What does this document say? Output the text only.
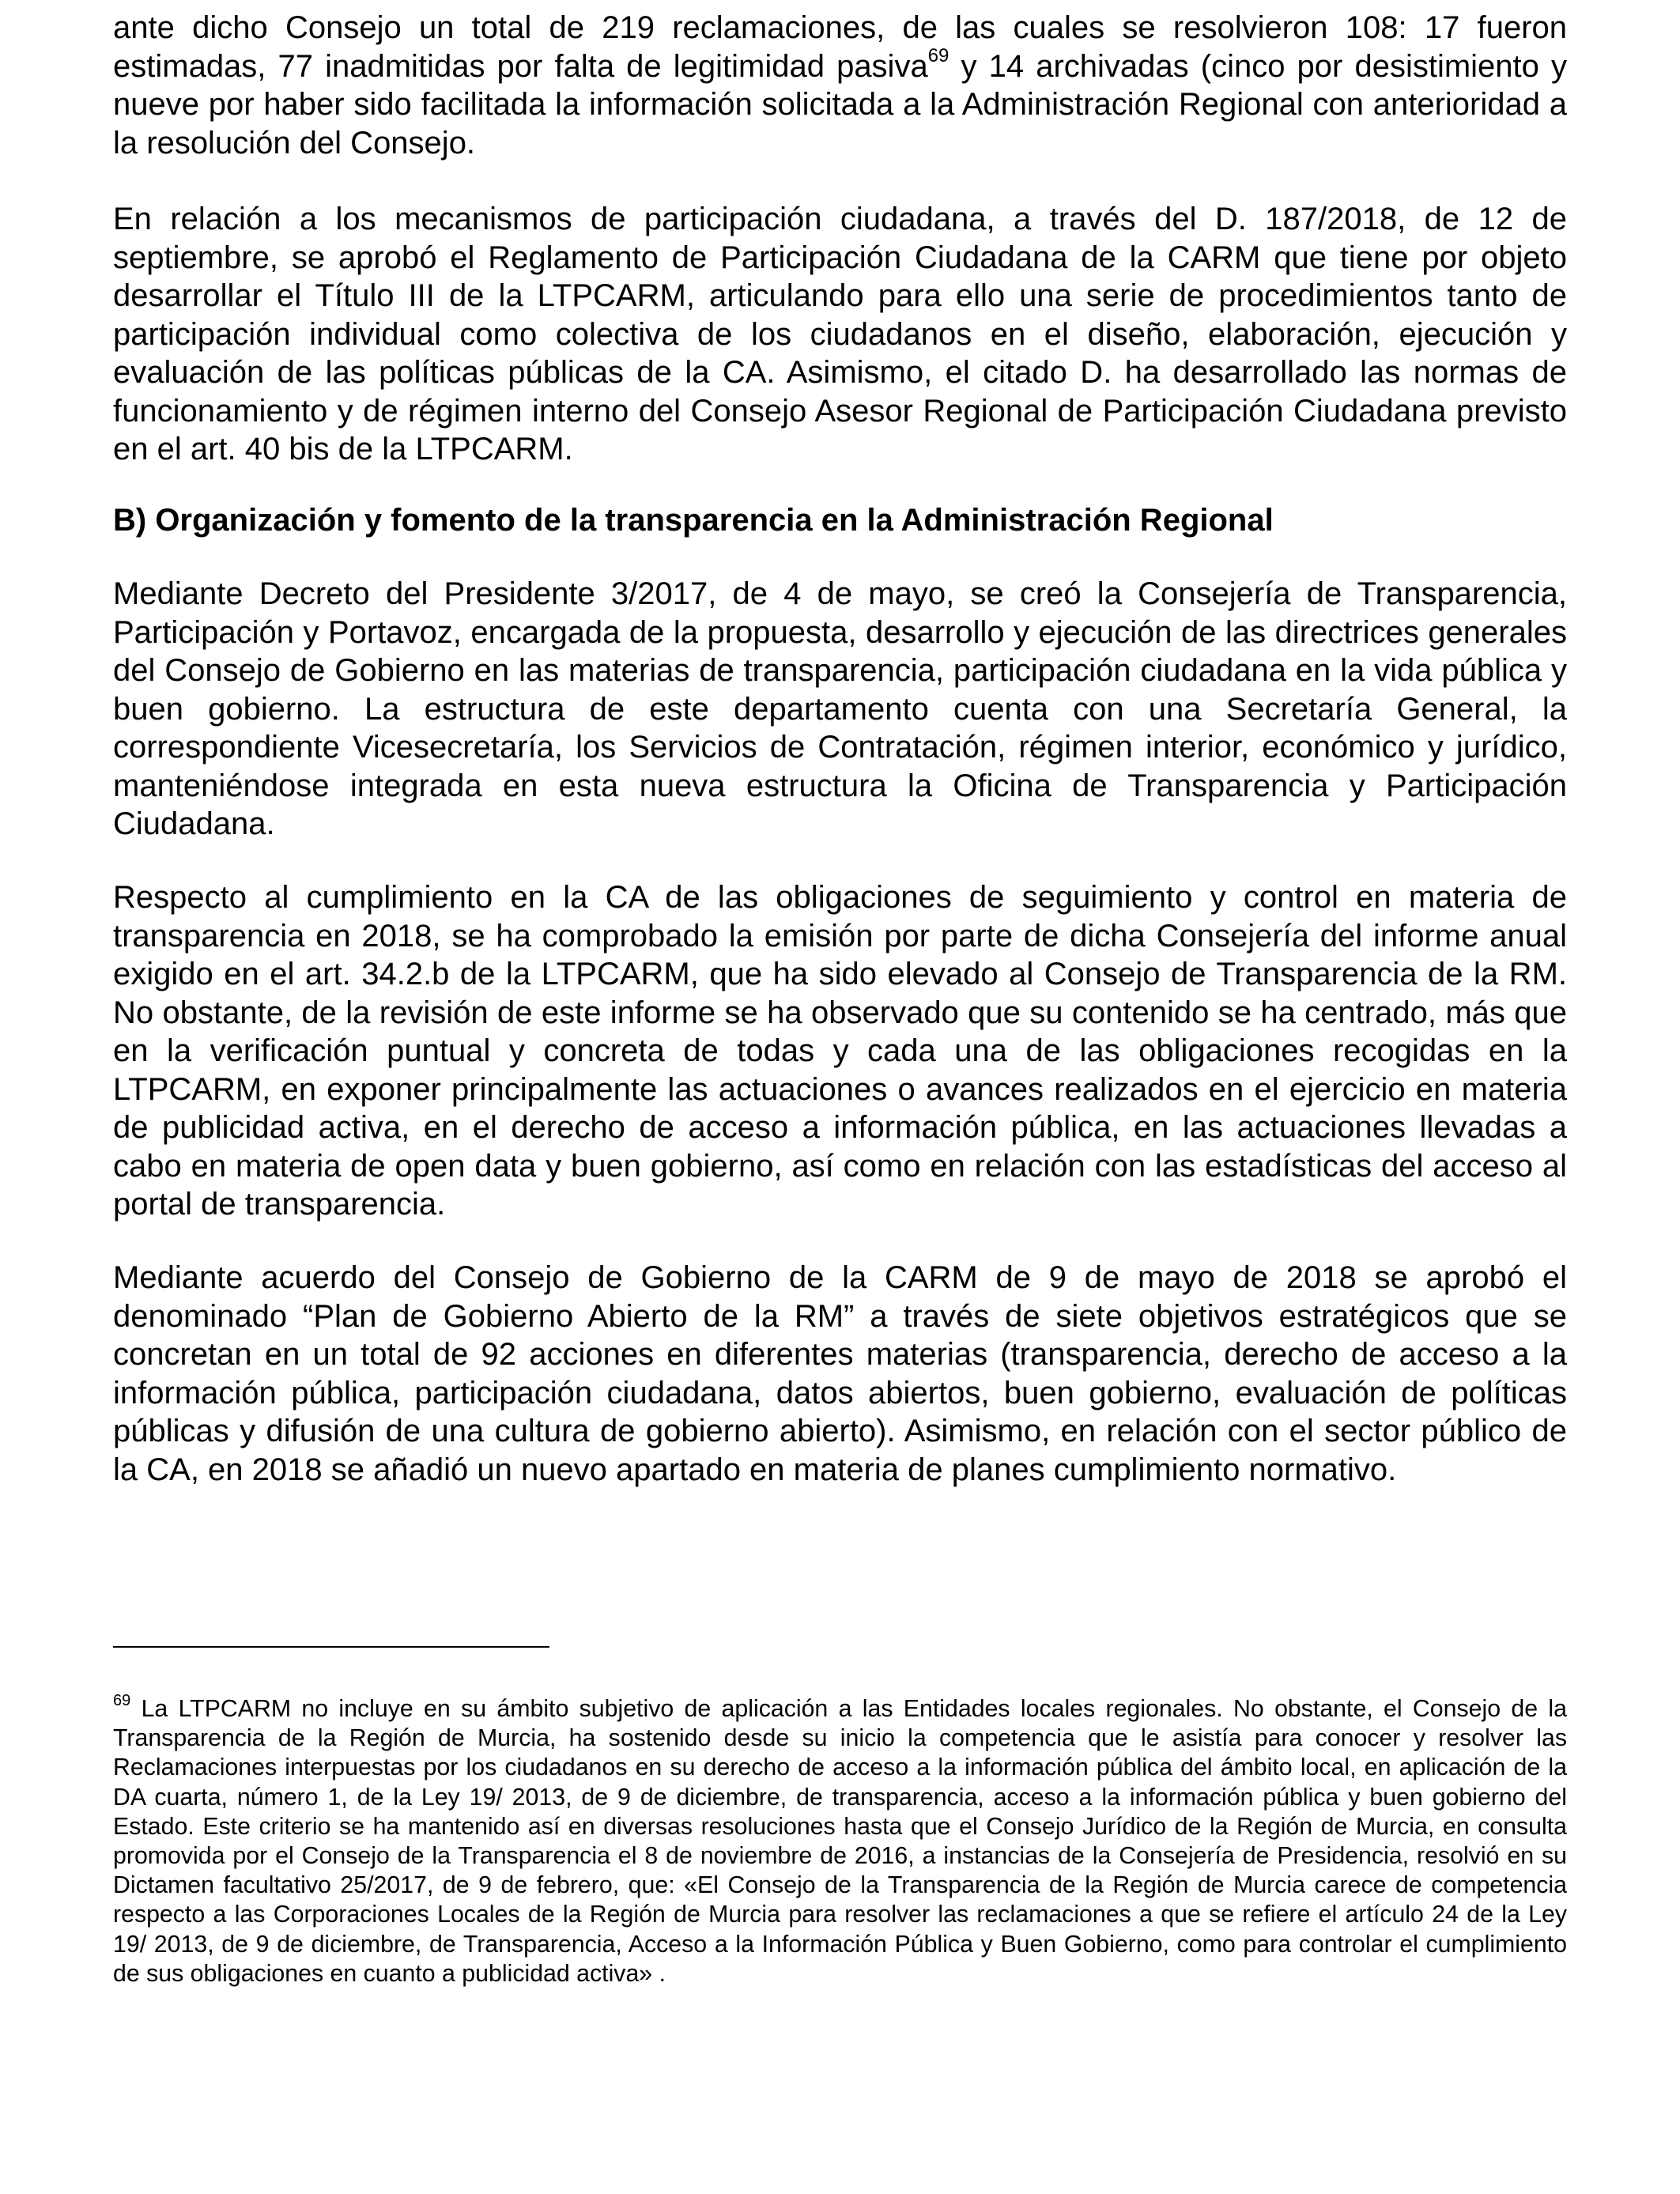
ante dicho Consejo un total de 219 reclamaciones, de las cuales se resolvieron 108: 17 fueron estimadas, 77 inadmitidas por falta de legitimidad pasiva$^{69}$ y 14 archivadas (cinco por desistimiento y nueve por haber sido facilitada la información solicitada a la Administración Regional con anterioridad a la resolución del Consejo.

En relación a los mecanismos de participación ciudadana, a través del D. 187/2018, de 12 de septiembre, se aprobó el Reglamento de Participación Ciudadana de la CARM que tiene por objeto desarrollar el Título III de la LTPCARM, articulando para ello una serie de procedimientos tanto de participación individual como colectiva de los ciudadanos en el diseño, elaboración, ejecución y evaluación de las políticas públicas de la CA. Asimismo, el citado D. ha desarrollado las normas de funcionamiento y de régimen interno del Consejo Asesor Regional de Participación Ciudadana previsto en el art. 40 bis de la LTPCARM.

B) Organización y fomento de la transparencia en la Administración Regional

Mediante Decreto del Presidente 3/2017, de 4 de mayo, se creó la Consejería de Transparencia, Participación y Portavoz, encargada de la propuesta, desarrollo y ejecución de las directrices generales del Consejo de Gobierno en las materias de transparencia, participación ciudadana en la vida pública y buen gobierno. La estructura de este departamento cuenta con una Secretaría General, la correspondiente Vicesecretaría, los Servicios de Contratación, régimen interior, económico y jurídico, manteniéndose integrada en esta nueva estructura la Oficina de Transparencia y Participación Ciudadana.

Respecto al cumplimiento en la CA de las obligaciones de seguimiento y control en materia de transparencia en 2018, se ha comprobado la emisión por parte de dicha Consejería del informe anual exigido en el art. 34.2.b de la LTPCARM, que ha sido elevado al Consejo de Transparencia de la RM. No obstante, de la revisión de este informe se ha observado que su contenido se ha centrado, más que en la verificación puntual y concreta de todas y cada una de las obligaciones recogidas en la LTPCARM, en exponer principalmente las actuaciones o avances realizados en el ejercicio en materia de publicidad activa, en el derecho de acceso a información pública, en las actuaciones llevadas a cabo en materia de open data y buen gobierno, así como en relación con las estadísticas del acceso al portal de transparencia.

Mediante acuerdo del Consejo de Gobierno de la CARM de 9 de mayo de 2018 se aprobó el denominado “Plan de Gobierno Abierto de la RM” a través de siete objetivos estratégicos que se concretan en un total de 92 acciones en diferentes materias (transparencia, derecho de acceso a la información pública, participación ciudadana, datos abiertos, buen gobierno, evaluación de políticas públicas y difusión de una cultura de gobierno abierto). Asimismo, en relación con el sector público de la CA, en 2018 se añadió un nuevo apartado en materia de planes cumplimiento normativo.

$^{69}$ La LTPCARM no incluye en su ámbito subjetivo de aplicación a las Entidades locales regionales. No obstante, el Consejo de la Transparencia de la Región de Murcia, ha sostenido desde su inicio la competencia que le asistía para conocer y resolver las Reclamaciones interpuestas por los ciudadanos en su derecho de acceso a la información pública del ámbito local, en aplicación de la DA cuarta, número 1, de la Ley 19/ 2013, de 9 de diciembre, de transparencia, acceso a la información pública y buen gobierno del Estado. Este criterio se ha mantenido así en diversas resoluciones hasta que el Consejo Jurídico de la Región de Murcia, en consulta promovida por el Consejo de la Transparencia el 8 de noviembre de 2016, a instancias de la Consejería de Presidencia, resolvió en su Dictamen facultativo 25/2017, de 9 de febrero, que: «El Consejo de la Transparencia de la Región de Murcia carece de competencia respecto a las Corporaciones Locales de la Región de Murcia para resolver las reclamaciones a que se refiere el artículo 24 de la Ley 19/ 2013, de 9 de diciembre, de Transparencia, Acceso a la Información Pública y Buen Gobierno, como para controlar el cumplimiento de sus obligaciones en cuanto a publicidad activa» .
